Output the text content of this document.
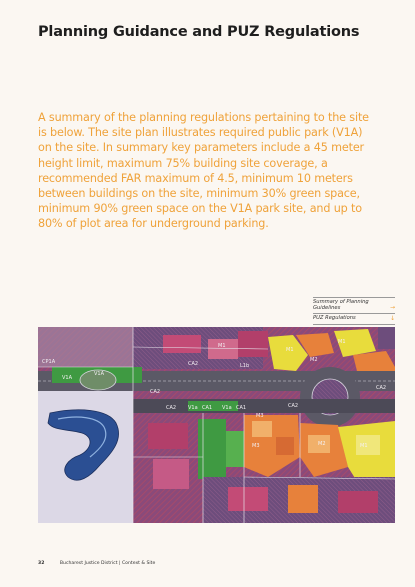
Planning Guidance and PUZ Regulations
A summary of the planning regulations pertaining to the site is below. The site plan illustrates required public park (V1A) on the site. In summary key parameters include a 45 meter height limit, maximum 75% building site coverage, a recommended FAR maximum of 4.5, minimum 10 meters between buildings on the site, minimum 30% green space, minimum 90% green space on the V1A park site, and up to 80% of plot area for underground parking.
Summary of Planning Guidelines	→
PUZ Regulations	↓
CP1A
V1A
V1A
CA2
CA2 V1a CA1 V1a CA1
M3
CA2
M2
M1
M1
M3
M1
L1b
M2	M1
CA2
CA2
32	Bucharest Justice District | Context & Site
